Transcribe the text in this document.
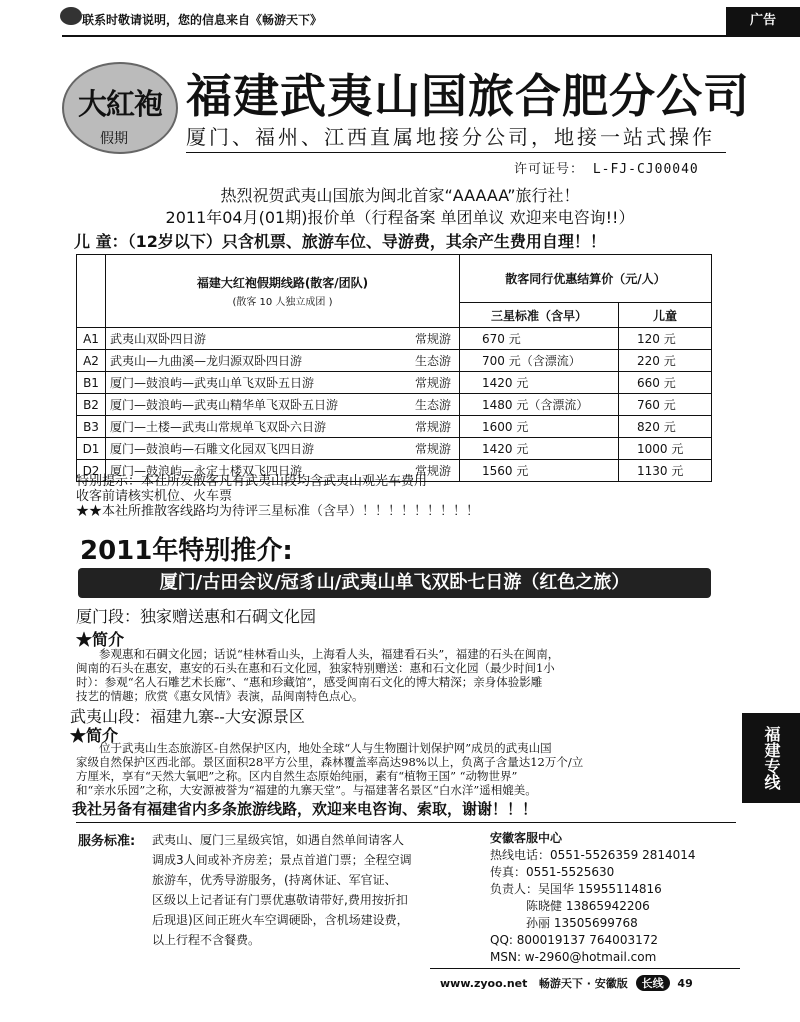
联系时敬请说明，您的信息来自《畅游天下》	广告
大紅袍
假期
福建武夷山国旅合肥分公司
厦门、福州、江西直属地接分公司，地接一站式操作
许可证号： L-FJ-CJ00040
热烈祝贺武夷山国旅为闽北首家“AAAAA”旅行社！
2011年04月(01期)报价单（行程备案 单团单议 欢迎来电咨询!!）
儿 童：（12岁以下）只含机票、旅游车位、导游费，其余产生费用自理！！
	福建大红袍假期线路(散客/团队)
(散客 10 人独立成团 )	散客同行优惠结算价（元/人）	
		三星标准（含早）	儿童
A1	武夷山双卧四日游 常规游	670 元	120 元
A2	武夷山—九曲溪—龙归源双卧四日游 生态游	700 元（含漂流）	220 元
B1	厦门—鼓浪屿—武夷山单飞双卧五日游 常规游	1420 元	660 元
B2	厦门—鼓浪屿—武夷山精华单飞双卧五日游 生态游	1480 元（含漂流）	760 元
B3	厦门—土楼—武夷山常规单飞双卧六日游 常规游	1600 元	820 元
D1	厦门—鼓浪屿—石雕文化园双飞四日游 常规游	1420 元	1000 元
D2	厦门—鼓浪屿—永定土楼双飞四日游 常规游	1560 元	1130 元
特别提示：本社所发散客凡有武夷山段均含武夷山观光车费用
收客前请核实机位、火车票
★★本社所推散客线路均为待评三星标准（含早）！！！！！！！！！
2011年特别推介:
厦门/古田会议/冠豸山/武夷山单飞双卧七日游（红色之旅）
厦门段：独家赠送惠和石碉文化园
★简介
参观惠和石碉文化园；话说“桂林看山头，上海看人头，福建看石头”，福建的石头在闽南，
闽南的石头在惠安，惠安的石头在惠和石文化园，独家特别赠送：惠和石文化园（最少时间1小
时）：参观“名人石雕艺术长廊”、“惠和珍藏馆”，感受闽南石文化的博大精深；亲身体验影雕
技艺的情趣；欣赏《惠女风情》表演，品闽南特色点心。
武夷山段：福建九寨--大安源景区
★简介
位于武夷山生态旅游区-自然保护区内，地处全球“人与生物圈计划保护网”成员的武夷山国
家级自然保护区西北部。景区面积28平方公里，森林覆盖率高达98%以上，负离子含量达12万个/立
方厘米，享有“天然大氧吧”之称。区内自然生态原始纯丽，素有“植物王国” “动物世界”
和“亲水乐园”之称，大安源被誉为“福建的九寨天堂”。与福建著名景区“白水洋”遥相媲美。
我社另备有福建省内多条旅游线路，欢迎来电咨询、索取，谢谢！！！
福建专线
服务标准: 武夷山、厦门三星级宾馆，如遇自然单间请客人
调成3人间或补齐房差；景点首道门票；全程空调
旅游车，优秀导游服务，(持离休证、军官证、
区级以上记者证有门票优惠敬请带好,费用按折扣
后现退)区间正班火车空调硬卧，含机场建设费，
以上行程不含餐费。
安徽客服中心
热线电话：0551-5526359 2814014
传真：0551-5525630
负责人：吴国华 15955114816
陈晓健 13865942206
孙丽 13505699768
QQ: 800019137 764003172
MSN: w-2960@hotmail.com
www.zyoo.net 畅游天下 · 安徽版 长线 49
